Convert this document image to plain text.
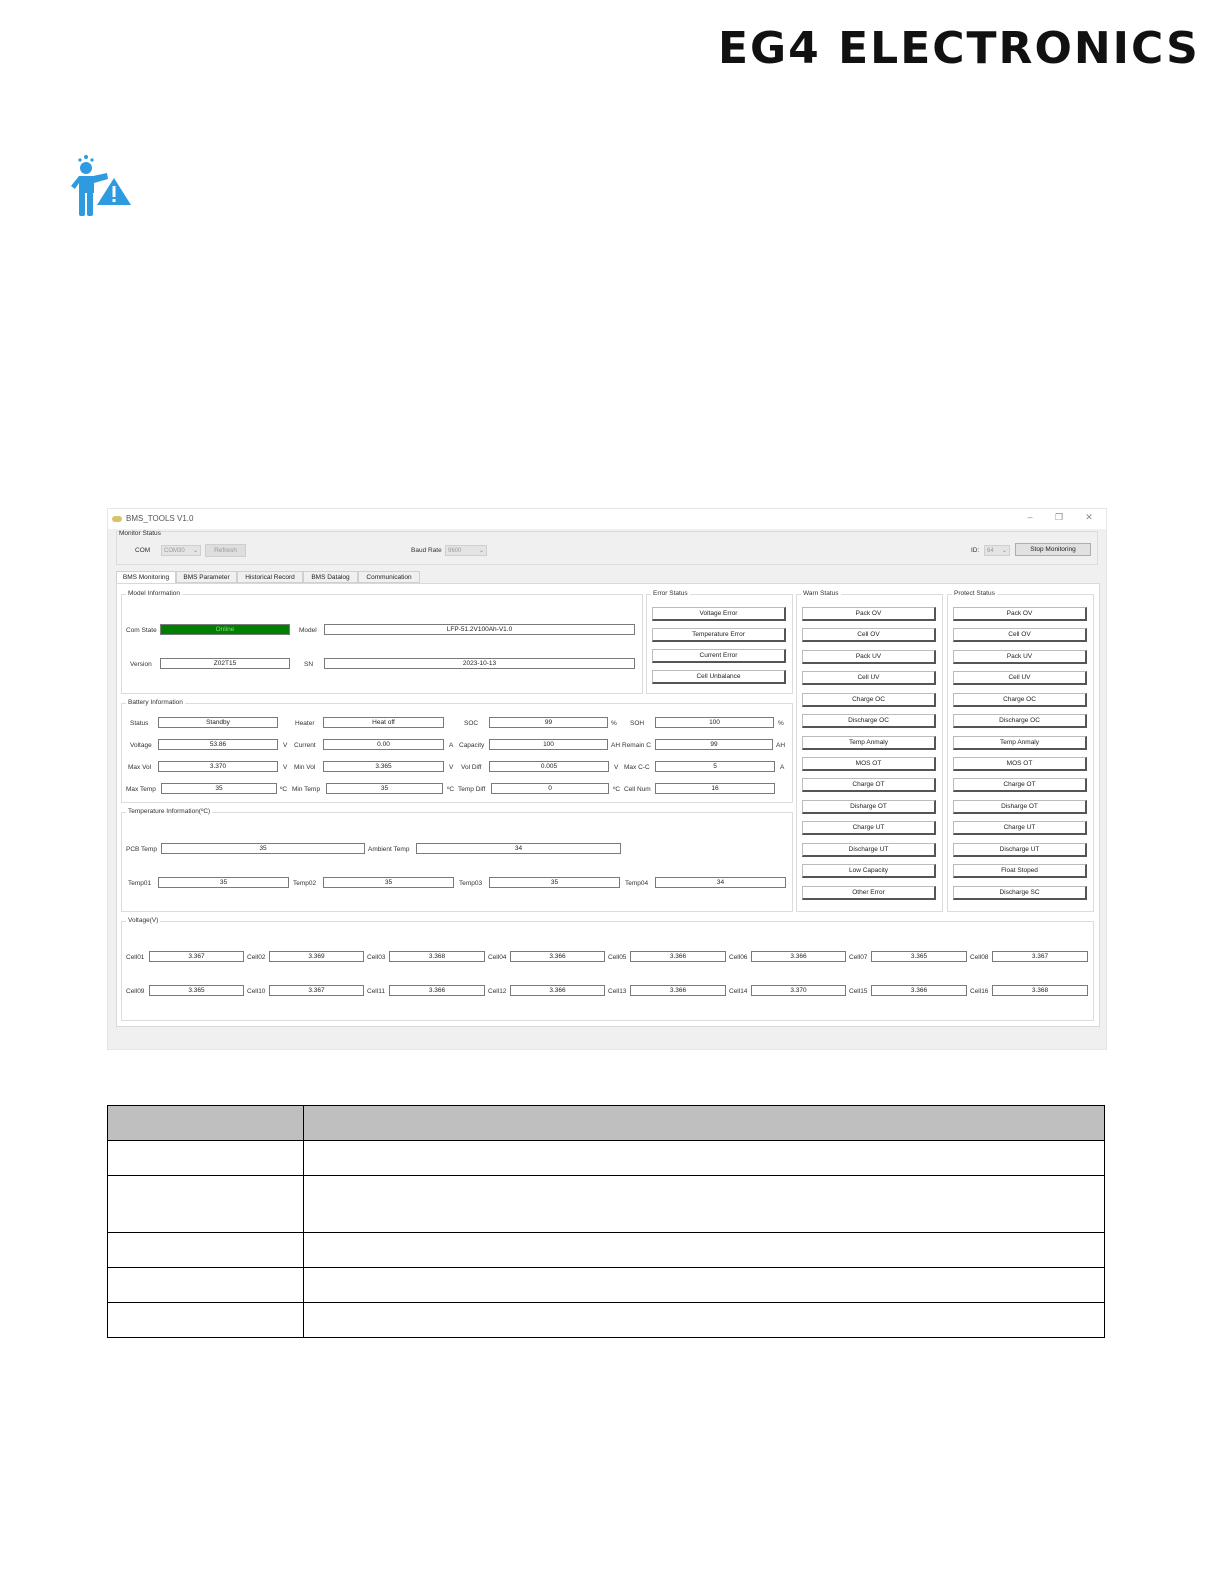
EG4 ELECTRONICS
BMS_TOOLS V1.0	–	❐	✕
Monitor Status
COM	COM30 ⌄	Refresh	Baud Rate	9600	⌄	ID:	64 ⌄	Stop Monitoring
BMS Monitoring	BMS Parameter	Historical Record	BMS Datalog	Communication
Model Information
Com State	Online	Model	LFP-51.2V100Ah-V1.0
Version	Z02T15	SN	2023-10-13
Error Status
Voltage Error
Temperature Error
Current Error
Cell Unbalance
Warn Status
Pack OV
Cell OV
Pack UV
Cell UV
Charge OC
Discharge OC
Temp Anmaly
MOS OT
Charge OT
Disharge OT
Charge UT
Discharge UT
Low Capacity
Other Error
Protect Status
Pack OV
Cell OV
Pack UV
Cell UV
Charge OC
Discharge OC
Temp Anmaly
MOS OT
Charge OT
Disharge OT
Charge UT
Discharge UT
Float Stoped
Discharge SC
Battery Information
Status	Standby	Heater	Heat off	SOC	99	% SOH	100	%
Voltage	53.86	V Current	0.00	A Capacity	100	AH Remain C	99	AH
Max Vol	3.370	V Min Vol	3.365	V Vol Diff	0.005	V Max C-C	5	A
Max Temp	35	ºC Min Temp	35	ºC Temp Diff	0	ºC Cell Num	16
Temperature Information(ºC)
PCB Temp	35	Ambient Temp	34
Temp01	35	Temp02	35	Temp03	35	Temp04	34
Voltage(V)
Cell01	3.367	Cell02	3.369	Cell03	3.368	Cell04	3.366	Cell05	3.366	Cell06	3.366	Cell07	3.365	Cell08	3.367
Cell09	3.365	Cell10	3.367	Cell11	3.366	Cell12	3.366	Cell13	3.366	Cell14	3.370	Cell15	3.366	Cell16	3.368
